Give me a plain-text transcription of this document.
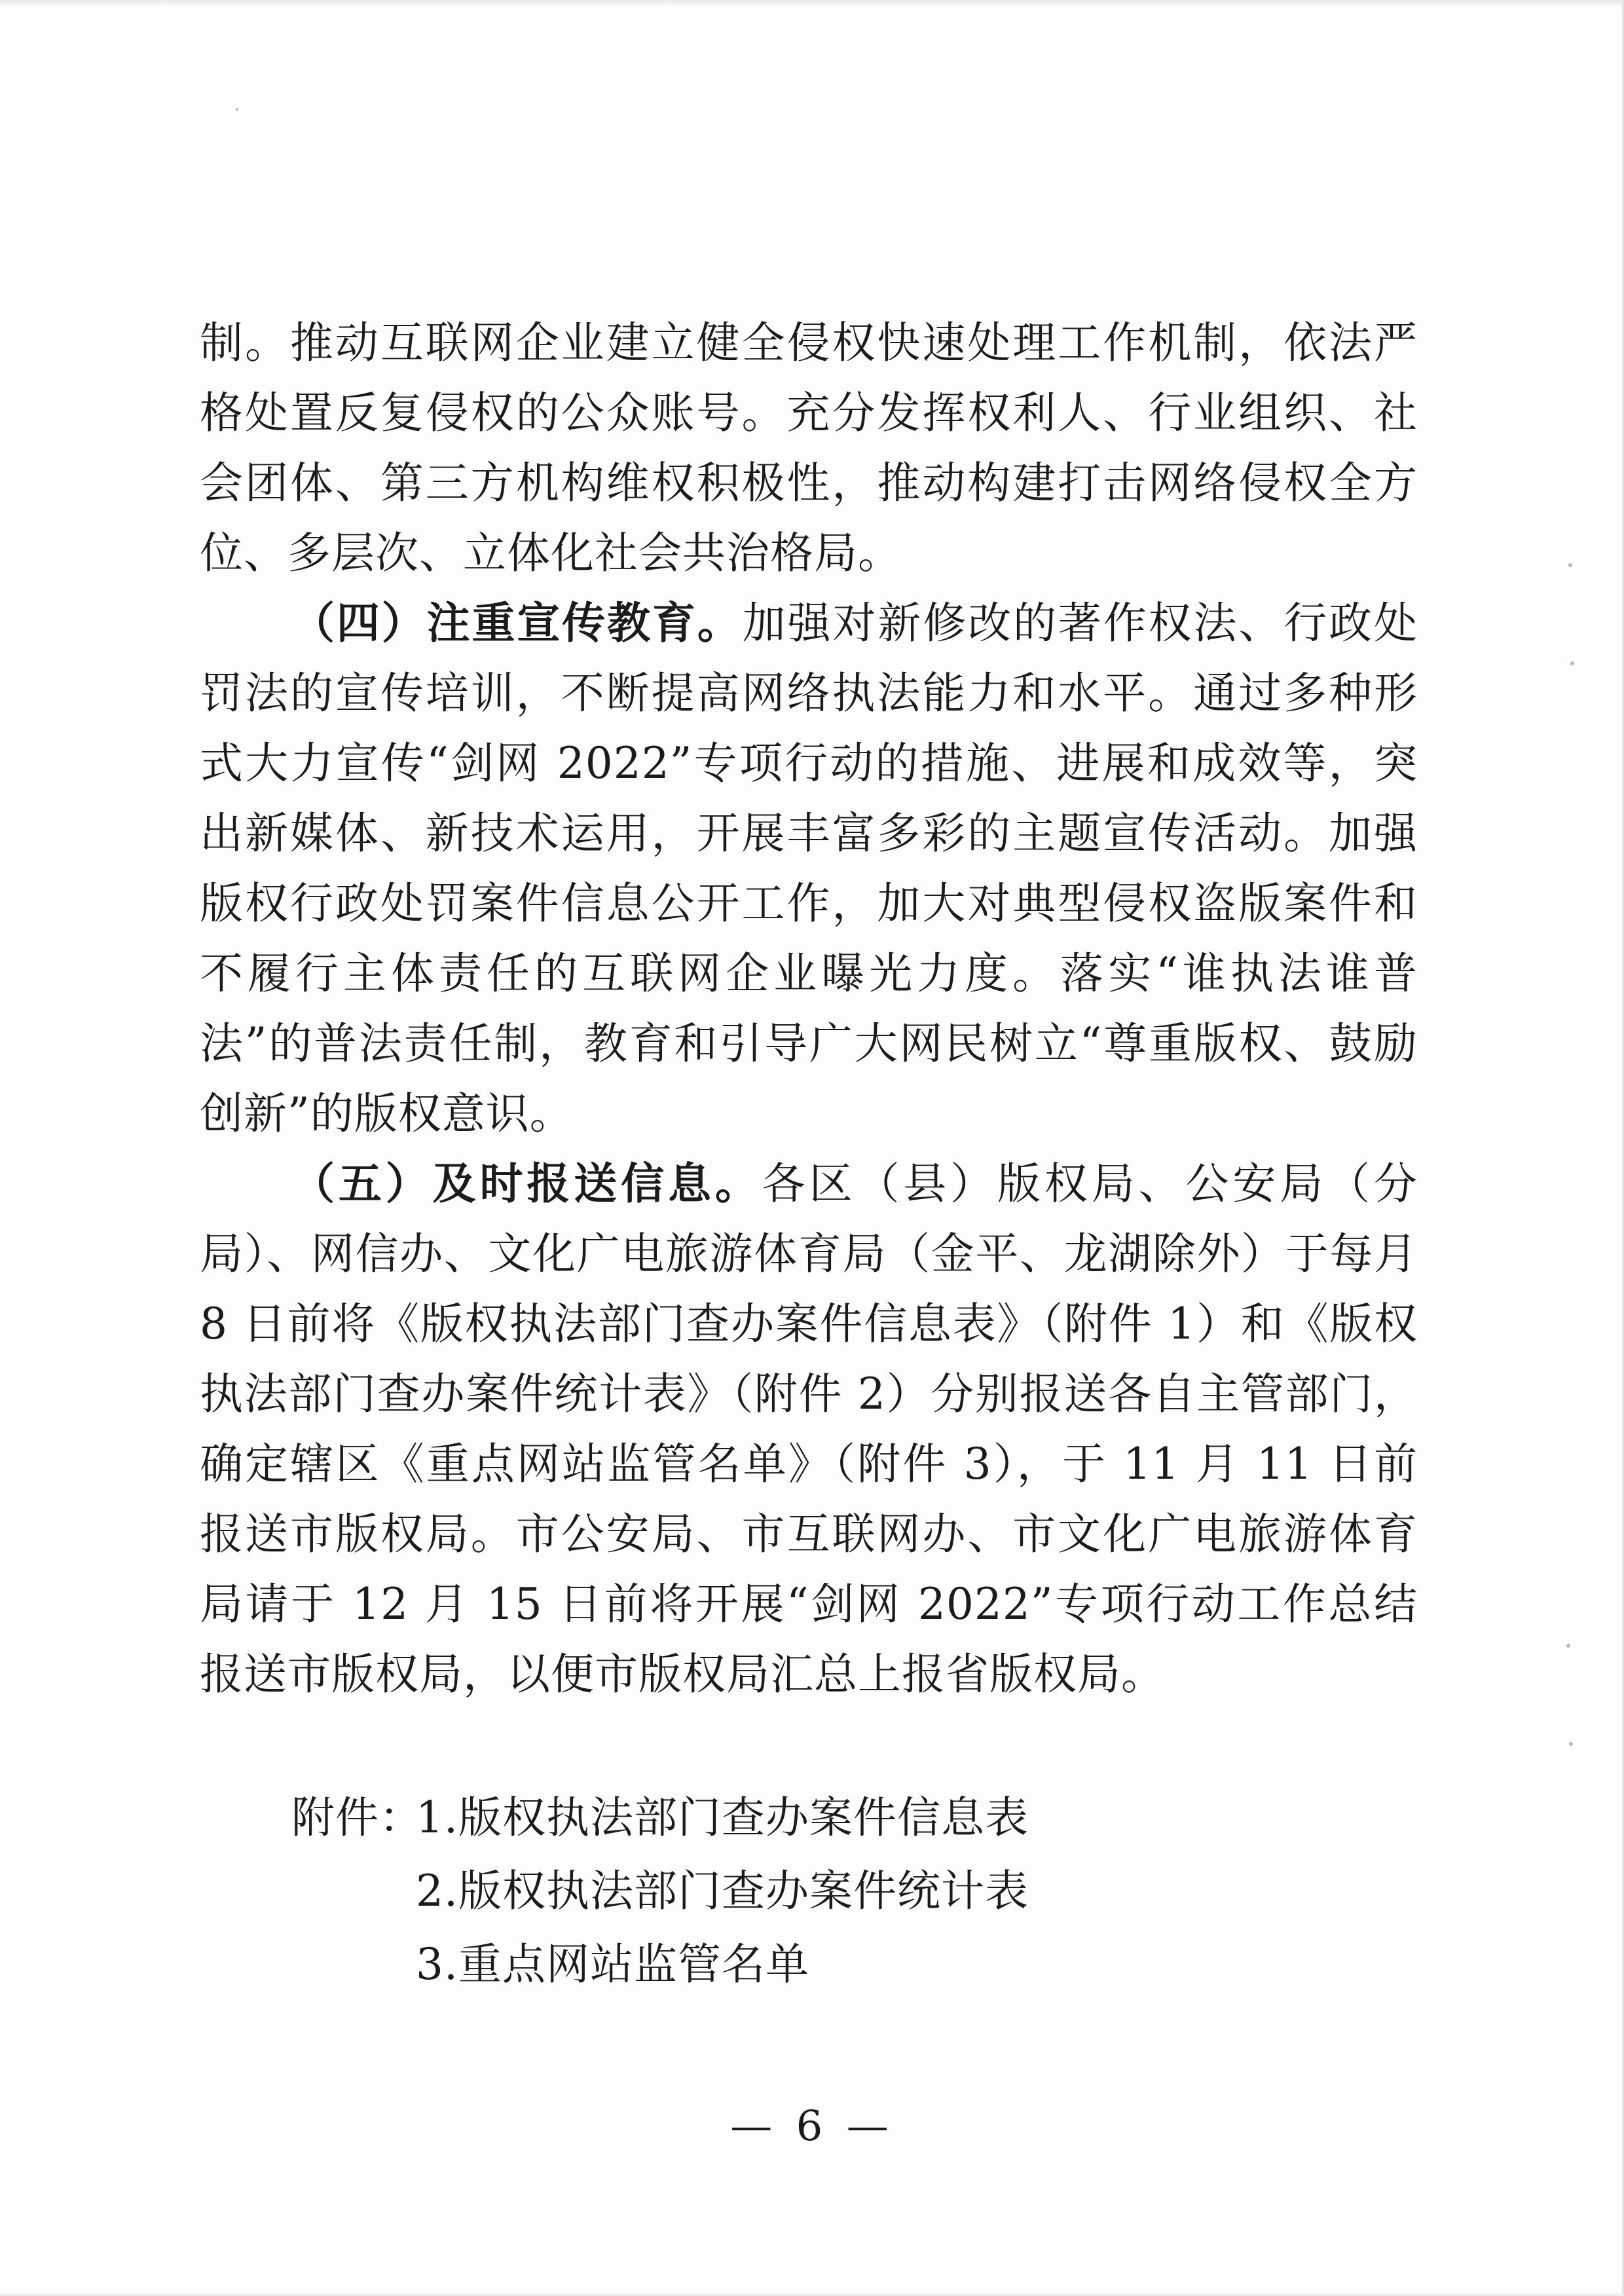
制。推动互联网企业建立健全侵权快速处理工作机制，依法严格处置反复侵权的公众账号。充分发挥权利人、行业组织、社会团体、第三方机构维权积极性，推动构建打击网络侵权全方位、多层次、立体化社会共治格局。

（四）注重宣传教育。加强对新修改的著作权法、行政处罚法的宣传培训，不断提高网络执法能力和水平。通过多种形式大力宣传“剑网 2022”专项行动的措施、进展和成效等，突出新媒体、新技术运用，开展丰富多彩的主题宣传活动。加强版权行政处罚案件信息公开工作，加大对典型侵权盗版案件和不履行主体责任的互联网企业曝光力度。落实“谁执法谁普法”的普法责任制，教育和引导广大网民树立“尊重版权、鼓励创新”的版权意识。

（五）及时报送信息。各区（县）版权局、公安局（分局）、网信办、文化广电旅游体育局（金平、龙湖除外）于每月 8 日前将《版权执法部门查办案件信息表》（附件 1）和《版权执法部门查办案件统计表》（附件 2）分别报送各自主管部门，确定辖区《重点网站监管名单》（附件 3），于 11 月 11 日前报送市版权局。市公安局、市互联网办、市文化广电旅游体育局请于 12 月 15 日前将开展“剑网 2022”专项行动工作总结报送市版权局，以便市版权局汇总上报省版权局。

附件：
1.版权执法部门查办案件信息表
2.版权执法部门查办案件统计表
3.重点网站监管名单
— 6 —
